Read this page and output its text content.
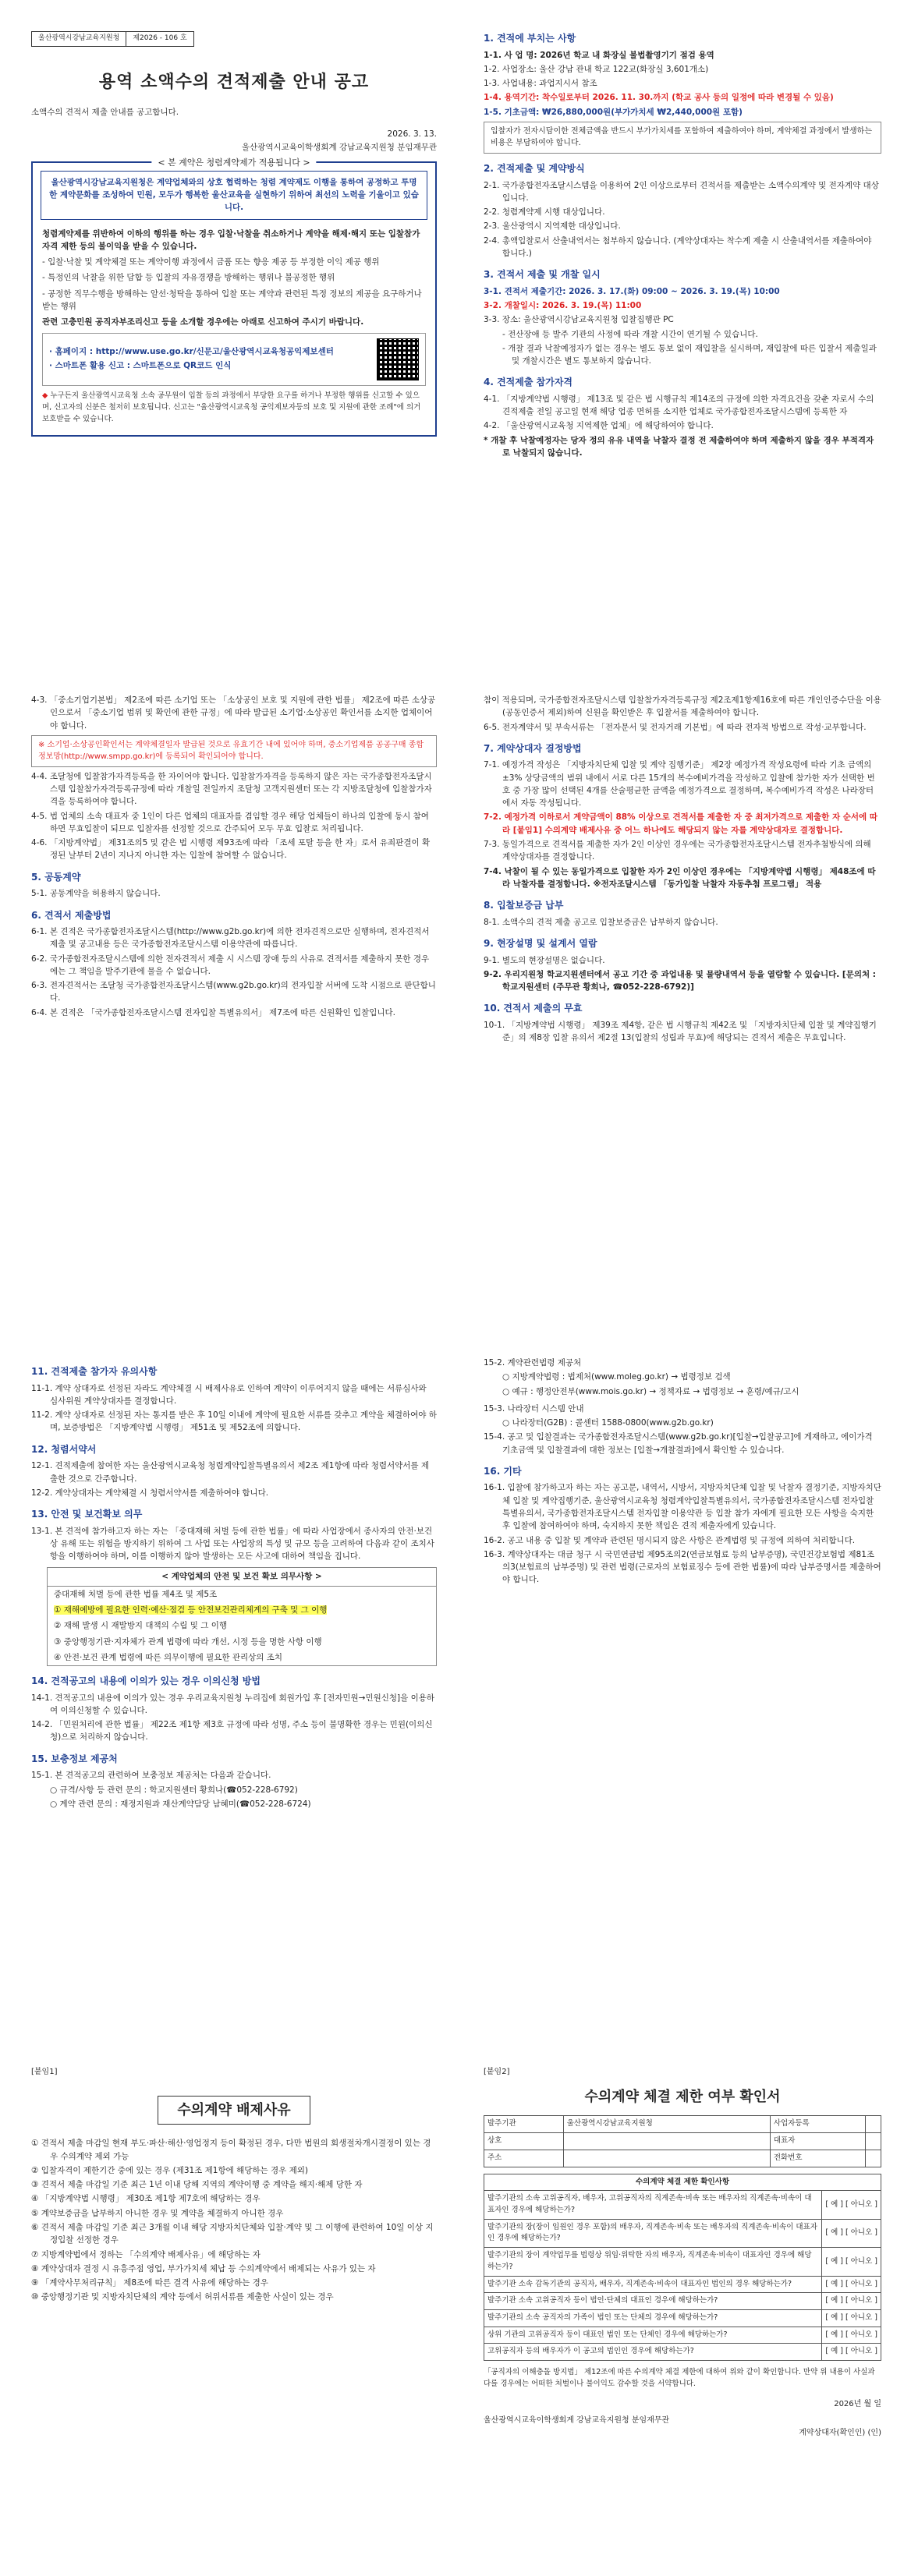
울산광역시강남교육지원청	제2026 - 106 호
용역 소액수의 견적제출 안내 공고

소액수의 견적서 제출 안내를 공고합니다.

2026. 3. 13.

울산광역시교육이학생회계 강남교육지원청 분임재무관

< 본 계약은 청렴계약제가 적용됩니다 >
울산광역시강남교육지원청은 계약업체와의 상호 협력하는 청렴 계약제도 이행을 통하여 공정하고 투명한 계약문화를 조성하여 민원, 모두가 행복한 울산교육을 실현하기 위하여 최선의 노력을 기울이고 있습니다.

청렴계약제를 위반하여 이하의 행위를 하는 경우 입찰·낙찰을 취소하거나 계약을 해제·해지 또는 입찰참가자격 제한 등의 불이익을 받을 수 있습니다.

- 입찰·낙찰 및 계약체결 또는 계약이행 과정에서 금품 또는 향응 제공 등 부정한 이익 제공 행위

- 특정인의 낙찰을 위한 담합 등 입찰의 자유경쟁을 방해하는 행위나 불공정한 행위

- 공정한 직무수행을 방해하는 알선·청탁을 통하여 입찰 또는 계약과 관련된 특정 정보의 제공을 요구하거나 받는 행위

관련 고충민원 공직자부조리신고 등을 소개할 경우에는 아래로 신고하여 주시기 바랍니다.

· 홈페이지 : http://www.use.go.kr/신문고/울산광역시교육청공익제보센터

· 스마트폰 활용 신고 : 스마트폰으로 QR코드 인식

◆ 누구든지 울산광역시교육청 소속 공무원이 입찰 등의 과정에서 부당한 요구를 하거나 부정한 행위를 신고할 수 있으며, 신고자의 신분은 철저히 보호됩니다. 신고는 "울산광역시교육청 공익제보자등의 보호 및 지원에 관한 조례"에 의거 보호받을 수 있습니다.

1. 견적에 부치는 사항

1-1. 사 업 명: 2026년 학교 내 화장실 불법촬영기기 점검 용역

1-2. 사업장소: 울산 강남 관내 학교 122교(화장실 3,601개소)

1-3. 사업내용: 과업지시서 참조

1-4. 용역기간: 착수일로부터 2026. 11. 30.까지 (학교 공사 등의 일정에 따라 변경될 수 있음)

1-5. 기초금액: ₩26,880,000원(부가가치세 ₩2,440,000원 포함)

입찰자가 전자시담이한 전체금액을 반드시 부가가치세를 포함하여 제출하여야 하며, 계약체결 과정에서 발생하는 비용은 부담하여야 합니다.
2. 견적제출 및 계약방식

2-1. 국가종합전자조달시스템을 이용하여 2인 이상으로부터 견적서를 제출받는 소액수의계약 및 전자계약 대상입니다.

2-2. 청렴계약제 시행 대상입니다.

2-3. 울산광역시 지역제한 대상입니다.

2-4. 총액입찰로서 산출내역서는 첨부하지 않습니다. (계약상대자는 착수계 제출 시 산출내역서를 제출하여야 합니다.)

3. 견적서 제출 및 개찰 일시

3-1. 견적서 제출기간: 2026. 3. 17.(화) 09:00 ~ 2026. 3. 19.(목) 10:00

3-2. 개찰일시: 2026. 3. 19.(목) 11:00

3-3. 장소: 울산광역시강남교육지원청 입찰집행관 PC

- 전산장애 등 발주 기관의 사정에 따라 개찰 시간이 연기될 수 있습니다.

- 개찰 결과 낙찰예정자가 없는 경우는 별도 통보 없이 재입찰을 실시하며, 재입찰에 따른 입찰서 제출일과 및 개찰시간은 별도 통보하지 않습니다.

4. 견적제출 참가자격

4-1. 「지방계약법 시행령」 제13조 및 같은 법 시행규칙 제14조의 규정에 의한 자격요건을 갖춘 자로서 수의견적제출 전일 공고일 현재 해당 업종 면허를 소지한 업체로 국가종합전자조달시스템에 등록한 자

4-2. 「울산광역시교육청 지역제한 업체」에 해당하여야 합니다.

* 개찰 후 낙찰예정자는 당자 정의 유유 내역을 낙찰자 결정 전 제출하여야 하며 제출하지 않을 경우 부적격자로 낙찰되지 않습니다.

4-3. 「중소기업기본법」 제2조에 따른 소기업 또는 「소상공인 보호 및 지원에 관한 법률」 제2조에 따른 소상공인으로서 「중소기업 범위 및 확인에 관한 규정」에 따라 발급된 소기업·소상공인 확인서를 소지한 업체이어야 합니다.

※ 소기업·소상공인확인서는 계약체결일자 발급된 것으로 유효기간 내에 있어야 하며, 중소기업제품 공공구매 종합정보망(http://www.smpp.go.kr)에 등록되어 확인되어야 합니다.

4-4. 조달청에 입찰참가자격등록을 한 자이어야 합니다. 입찰참가자격을 등록하지 않은 자는 국가종합전자조달시스템 입찰참가자격등록규정에 따라 개찰일 전일까지 조달청 고객지원센터 또는 각 지방조달청에 입찰참가자격을 등록하여야 합니다.

4-5. 법 업체의 소속 대표자 중 1인이 다른 업체의 대표자를 겸임할 경우 해당 업체들이 하나의 입찰에 동시 참여하면 무효입찰이 되므로 입찰자를 선정할 것으로 간주되어 모두 무효 입찰로 처리됩니다.

4-6. 「지방계약법」 제31조의5 및 같은 법 시행령 제93조에 따라 「조세 포탈 등을 한 자」로서 유죄판결이 확정된 날부터 2년이 지나지 아니한 자는 입찰에 참여할 수 없습니다.

5. 공동계약

5-1. 공동계약을 허용하지 않습니다.

6. 견적서 제출방법

6-1. 본 견적은 국가종합전자조달시스템(http://www.g2b.go.kr)에 의한 전자견적으로만 실행하며, 전자견적서 제출 및 공고내용 등은 국가종합전자조달시스템 이용약관에 따릅니다.

6-2. 국가종합전자조달시스템에 의한 전자견적서 제출 시 시스템 장애 등의 사유로 견적서를 제출하지 못한 경우에는 그 책임을 발주기관에 물을 수 없습니다.

6-3. 전자견적서는 조달청 국가종합전자조달시스템(www.g2b.go.kr)의 전자입찰 서버에 도착 시점으로 판단합니다.

6-4. 본 견적은 「국가종합전자조달시스템 전자입찰 특별유의서」 제7조에 따른 신원확인 입찰입니다.

참이 적용되며, 국가종합전자조달시스템 입찰참가자격등록규정 제2조제1항제16호에 따른 개인인증수단을 이용(공동인증서 제외)하여 신원을 확인받은 후 입찰서를 제출하여야 합니다.

6-5. 전자계약서 및 부속서류는 「전자문서 및 전자거래 기본법」에 따라 전자적 방법으로 작성·교부합니다.

7. 계약상대자 결정방법

7-1. 예정가격 작성은 「지방자치단체 입찰 및 계약 집행기준」 제2장 예정가격 작성요령에 따라 기초 금액의 ±3% 상당금액의 범위 내에서 서로 다른 15개의 복수예비가격을 작성하고 입찰에 참가한 자가 선택한 번호 중 가장 많이 선택된 4개를 산술평균한 금액을 예정가격으로 결정하며, 복수예비가격 작성은 나라장터 에서 자동 작성됩니다.

7-2. 예정가격 이하로서 계약금액이 88% 이상으로 견적서를 제출한 자 중 최저가격으로 제출한 자 순서에 따라 [붙임1] 수의계약 배제사유 중 어느 하나에도 해당되지 않는 자를 계약상대자로 결정합니다.

7-3. 동일가격으로 견적서를 제출한 자가 2인 이상인 경우에는 국가종합전자조달시스템 전자추첨방식에 의해 계약상대자를 결정합니다.

7-4. 낙찰이 될 수 있는 동일가격으로 입찰한 자가 2인 이상인 경우에는 「지방계약법 시행령」 제48조에 따라 낙찰자를 결정합니다. ※전자조달시스템 「동가입찰 낙찰자 자동추첨 프로그램」 적용

8. 입찰보증금 납부

8-1. 소액수의 견적 제출 공고로 입찰보증금은 납부하지 않습니다.

9. 현장설명 및 설계서 열람

9-1. 별도의 현장설명은 없습니다.

9-2. 우리지원청 학교지원센터에서 공고 기간 중 과업내용 및 물량내역서 등을 열람할 수 있습니다. [문의처 : 학교지원센터 (주무관 황희나, ☎052-228-6792)]

10. 견적서 제출의 무효

10-1. 「지방계약법 시행령」 제39조 제4항, 같은 법 시행규칙 제42조 및 「지방자치단체 입찰 및 계약집행기준」의 제8장 입찰 유의서 제2절 13(입찰의 성립과 무효)에 해당되는 견적서 제출은 무효입니다.

11. 견적제출 참가자 유의사항

11-1. 계약 상대자로 선정된 자라도 계약체결 시 배제사유로 인하여 계약이 이루어지지 않을 때에는 서류심사와 심사위원 계약상대자를 결정합니다.

11-2. 계약 상대자로 선정된 자는 통지를 받은 후 10일 이내에 계약에 필요한 서류를 갖추고 계약을 체결하여야 하며, 보증방법은 「지방계약법 시행령」 제51조 및 제52조에 의합니다.

12. 청렴서약서

12-1. 견적제출에 참여한 자는 울산광역시교육청 청렴계약입찰특별유의서 제2조 제1항에 따라 청렴서약서를 제출한 것으로 간주합니다.

12-2. 계약상대자는 계약체결 시 청렴서약서를 제출하여야 합니다.

13. 안전 및 보건확보 의무

13-1. 본 견적에 참가하고자 하는 자는 「중대재해 처벌 등에 관한 법률」에 따라 사업장에서 종사자의 안전·보건상 유해 또는 위험을 방지하기 위하여 그 사업 또는 사업장의 특성 및 규모 등을 고려하여 다음과 같이 조치사항을 이행하여야 하며, 이를 이행하지 않아 발생하는 모든 사고에 대하여 책임을 집니다.

< 계약업체의 안전 및 보건 확보 의무사항 >

중대재해 처벌 등에 관한 법률 제4조 및 제5조

① 재해예방에 필요한 인력·예산·점검 등 안전보건관리체계의 구축 및 그 이행

② 재해 발생 시 재발방지 대책의 수립 및 그 이행

③ 중앙행정기관·지자체가 관계 법령에 따라 개선, 시정 등을 명한 사항 이행

④ 안전·보건 관계 법령에 따른 의무이행에 필요한 관리상의 조치

14. 견적공고의 내용에 이의가 있는 경우 이의신청 방법

14-1. 견적공고의 내용에 이의가 있는 경우 우리교육지원청 누리집에 회원가입 후 [전자민원→민원신청]을 이용하여 이의신청할 수 있습니다.

14-2. 「민원처리에 관한 법률」 제22조 제1항 제3호 규정에 따라 성명, 주소 등이 불명확한 경우는 민원(이의신청)으로 처리하지 않습니다.

15. 보충정보 제공처

15-1. 본 견적공고의 관련하여 보충정보 제공처는 다음과 같습니다.

○ 규격/사항 등 관련 문의 : 학교지원센터 황희나(☎052-228-6792)

○ 계약 관련 문의 : 재정지원과 재산계약담당 남혜미(☎052-228-6724)

15-2. 계약관련법령 제공처

○ 지방계약법령 : 법제처(www.moleg.go.kr) → 법령정보 검색

○ 예규 : 행정안전부(www.mois.go.kr) → 정책자료 → 법령정보 → 훈령/예규/고시

15-3. 나라장터 시스템 안내

○ 나라장터(G2B) : 콜센터 1588-0800(www.g2b.go.kr)

15-4. 공고 및 입찰결과는 국가종합전자조달시스템(www.g2b.go.kr)[입찰→입찰공고]에 게재하고, 에이가격 기초금액 및 입찰결과에 대한 정보는 [입찰→개찰결과]에서 확인할 수 있습니다.

16. 기타

16-1. 입찰에 참가하고자 하는 자는 공고문, 내역서, 시방서, 지방자치단체 입찰 및 낙찰자 결정기준, 지방자치단체 입찰 및 계약집행기준, 울산광역시교육청 청렴계약입찰특별유의서, 국가종합전자조달시스템 전자입찰 특별유의서, 국가종합전자조달시스템 전자입찰 이용약관 등 입찰 참가 자에게 필요한 모든 사항을 숙지한 후 입찰에 참여하여야 하며, 숙지하지 못한 책임은 견적 제출자에게 있습니다.

16-2. 공고 내용 중 입찰 및 계약과 관련된 명시되지 않은 사항은 관계법령 및 규정에 의하여 처리합니다.

16-3. 계약상대자는 대금 청구 시 국민연금법 제95조의2(연금보험료 등의 납부증명), 국민건강보험법 제81조의3(보험료의 납부증명) 및 관련 법령(근로자의 보험료징수 등에 관한 법률)에 따라 납부증명서를 제출하여야 합니다.

[붙임1]

수의계약 배제사유

① 견적서 제출 마감일 현재 부도·파산·해산·영업정지 등이 확정된 경우, 다만 법원의 회생절차개시결정이 있는 경우 수의계약 제외 가능

② 입찰자격이 제한기간 중에 있는 경우 (제31조 제1항에 해당하는 경우 제외)

③ 견적서 제출 마감일 기준 최근 1년 이내 당해 지역의 계약이행 중 계약을 해지·해제 당한 자

④ 「지방계약법 시행령」 제30조 제1항 제7호에 해당하는 경우

⑤ 계약보증금을 납부하지 아니한 경우 및 계약을 체결하지 아니한 경우

⑥ 견적서 제출 마감일 기준 최근 3개월 이내 해당 지방자치단체와 입찰·계약 및 그 이행에 관련하여 10일 이상 지정입찰 선정한 경우

⑦ 지방계약법에서 정하는 「수의계약 배제사유」에 해당하는 자

⑧ 계약상대자 결정 시 유흥주점 영업, 부가가치세 체납 등 수의계약에서 배제되는 사유가 있는 자

⑨ 「계약사무처리규칙」 제8조에 따른 결격 사유에 해당하는 경우

⑩ 중앙행정기관 및 지방자치단체의 계약 등에서 허위서류를 제출한 사실이 있는 경우

[붙임2]

수의계약 체결 제한 여부 확인서
발주기관	울산광역시강남교육지원청	사업자등록	
상호		대표자	
주소		전화번호	
수의계약 체결 제한 확인사항	
발주기관의 소속 고위공직자, 배우자, 고위공직자의 직계존속·비속 또는 배우자의 직계존속·비속이 대표자인 경우에 해당하는가?	[ 예 ] [ 아니오 ]
발주기관의 장(장이 임원인 경우 포함)의 배우자, 직계존속·비속 또는 배우자의 직계존속·비속이 대표자인 경우에 해당하는가?	[ 예 ] [ 아니오 ]
발주기관의 장이 계약업무를 법령상 위임·위탁한 자의 배우자, 직계존속·비속이 대표자인 경우에 해당하는가?	[ 예 ] [ 아니오 ]
발주기관 소속 감독기관의 공직자, 배우자, 직계존속·비속이 대표자인 법인의 경우 해당하는가?	[ 예 ] [ 아니오 ]
발주기관 소속 고위공직자 등이 법인·단체의 대표인 경우에 해당하는가?	[ 예 ] [ 아니오 ]
발주기관의 소속 공직자의 가족이 법인 또는 단체의 경우에 해당하는가?	[ 예 ] [ 아니오 ]
상위 기관의 고위공직자 등이 대표인 법인 또는 단체인 경우에 해당하는가?	[ 예 ] [ 아니오 ]
고위공직자 등의 배우자가 이 공고의 법인인 경우에 해당하는가?	[ 예 ] [ 아니오 ]

「공직자의 이해충돌 방지법」 제12조에 따른 수의계약 체결 제한에 대하여 위와 같이 확인합니다. 만약 위 내용이 사실과 다를 경우에는 어떠한 처벌이나 불이익도 감수할 것을 서약합니다.

2026년 월 일

울산광역시교육이학생회계 강남교육지원청 분임재무관

계약상대자(확인인) (인)
